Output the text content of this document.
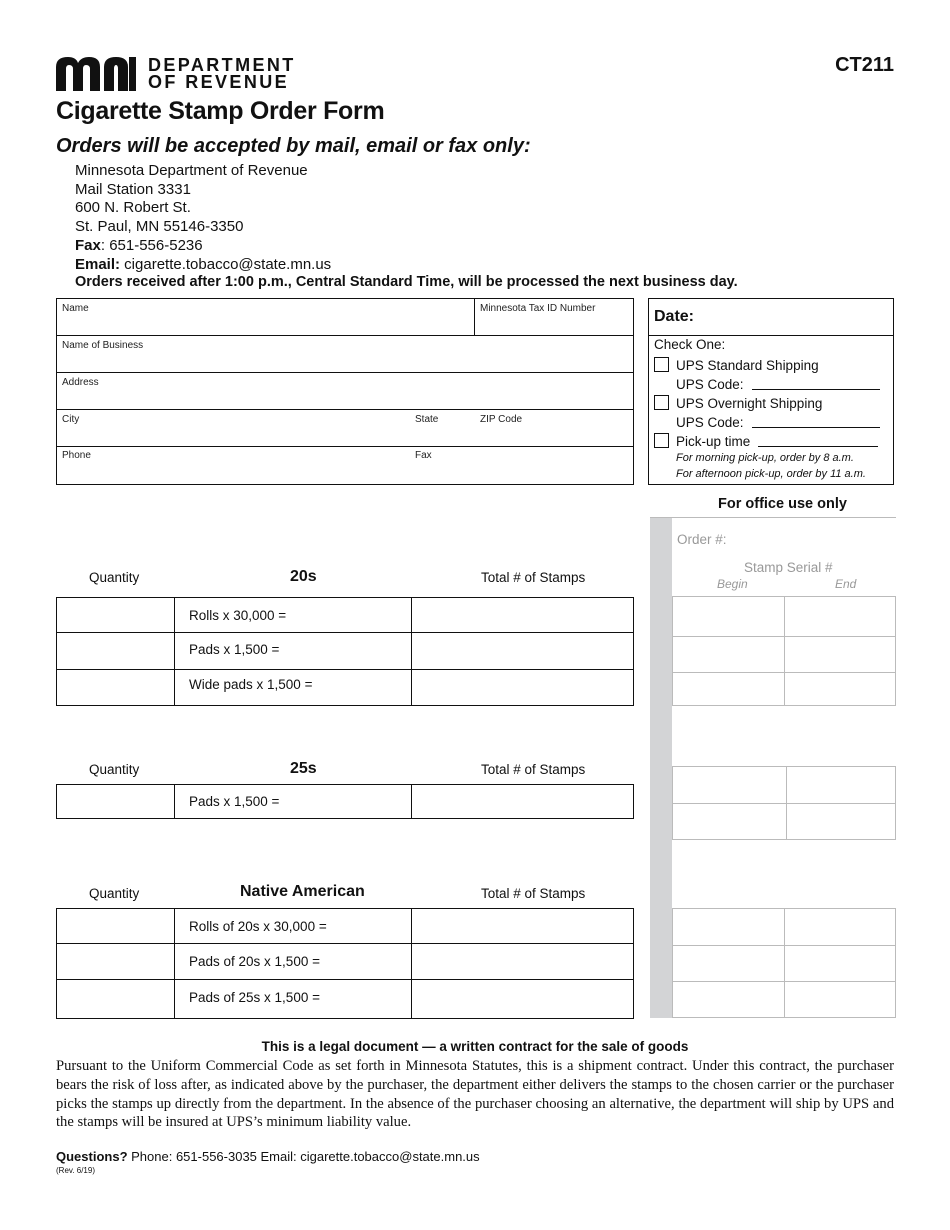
DEPARTMENT
OF REVENUE
CT211
Cigarette Stamp Order Form
Orders will be accepted by mail, email or fax only:
Minnesota Department of Revenue
Mail Station 3331
600 N. Robert St.
St. Paul, MN 55146-3350
Fax: 651-556-5236
Email: cigarette.tobacco@state.mn.us
Orders received after 1:00 p.m., Central Standard Time, will be processed the next business day.
Name	Minnesota Tax ID Number
Name of Business
Address
City	State	ZIP Code
Phone	Fax
Date:
Check One:
UPS Standard Shipping
UPS Code:
UPS Overnight Shipping
UPS Code:
Pick-up time
For morning pick-up, order by 8 a.m.
For afternoon pick-up, order by 11 a.m.
For office use only
Order #:
Stamp Serial #
Begin	End
Quantity	20s	Total # of Stamps
Rolls x 30,000 =
Pads x 1,500 =
Wide pads x 1,500 =
Quantity	25s	Total # of Stamps
Pads x 1,500 =
Quantity	Native American	Total # of Stamps
Rolls of 20s x 30,000 =
Pads of 20s x 1,500 =
Pads of 25s x 1,500 =
This is a legal document — a written contract for the sale of goods
Pursuant to the Uniform Commercial Code as set forth in Minnesota Statutes, this is a shipment contract. Under this contract, the purchaser bears the risk of loss after, as indicated above by the purchaser, the department either delivers the stamps to the chosen carrier or the purchaser picks the stamps up directly from the department. In the absence of the purchaser choosing an alternative, the department will ship by UPS and the stamps will be insured at UPS’s minimum liability value.
Questions? Phone: 651-556-3035 Email: cigarette.tobacco@state.mn.us
(Rev. 6/19)
